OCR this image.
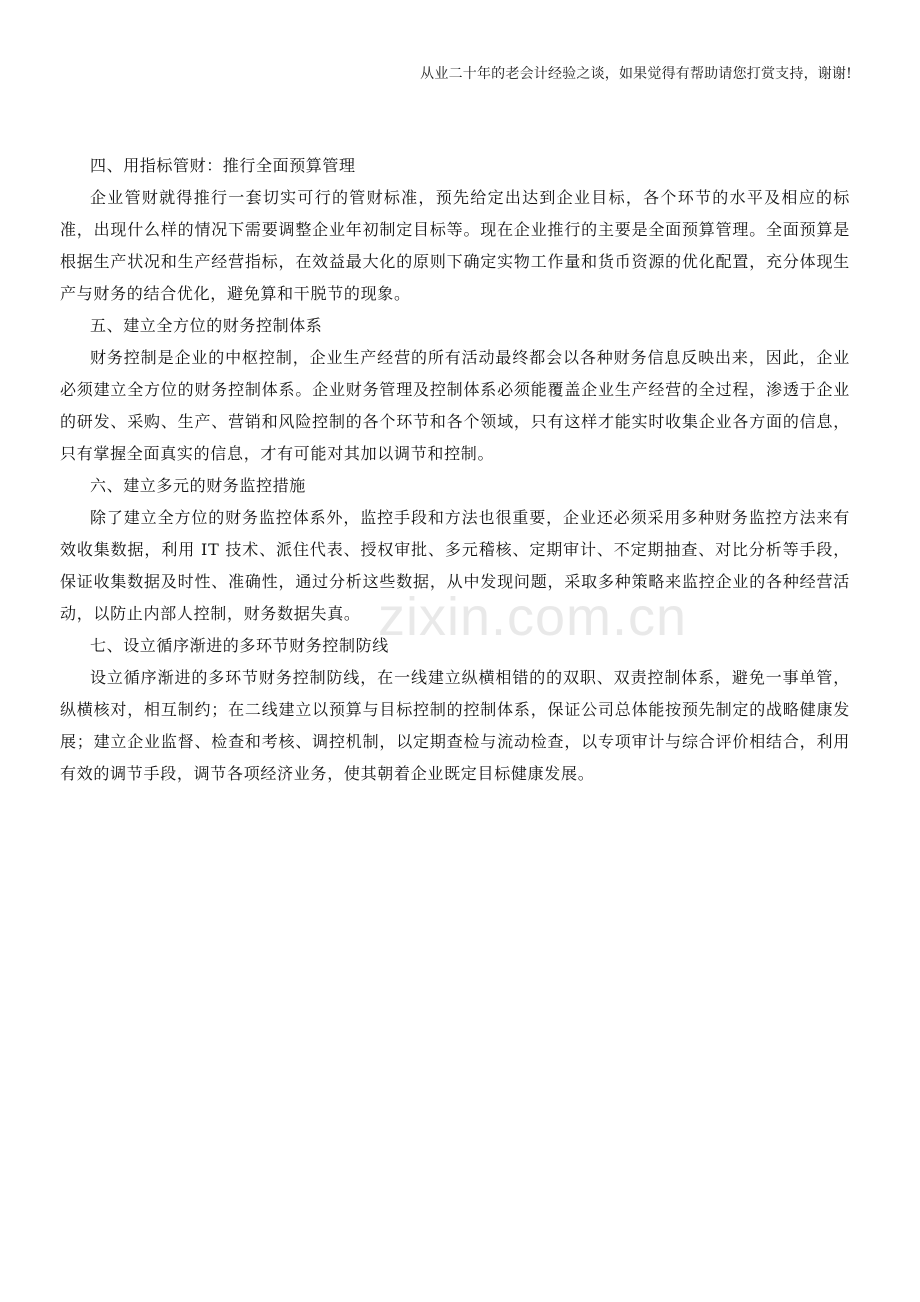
从业二十年的老会计经验之谈，如果觉得有帮助请您打赏支持，谢谢!
zixin.com.cn
四、用指标管财：推行全面预算管理

企业管财就得推行一套切实可行的管财标准，预先给定出达到企业目标，各个环节的水平及相应的标准，出现什么样的情况下需要调整企业年初制定目标等。现在企业推行的主要是全面预算管理。全面预算是根据生产状况和生产经营指标，在效益最大化的原则下确定实物工作量和货币资源的优化配置，充分体现生产与财务的结合优化，避免算和干脱节的现象。

五、建立全方位的财务控制体系

财务控制是企业的中枢控制，企业生产经营的所有活动最终都会以各种财务信息反映出来，因此，企业必须建立全方位的财务控制体系。企业财务管理及控制体系必须能覆盖企业生产经营的全过程，渗透于企业的研发、采购、生产、营销和风险控制的各个环节和各个领域，只有这样才能实时收集企业各方面的信息，只有掌握全面真实的信息，才有可能对其加以调节和控制。

六、建立多元的财务监控措施

除了建立全方位的财务监控体系外，监控手段和方法也很重要，企业还必须采用多种财务监控方法来有效收集数据，利用 IT 技术、派住代表、授权审批、多元稽核、定期审计、不定期抽查、对比分析等手段，保证收集数据及时性、准确性，通过分析这些数据，从中发现问题，采取多种策略来监控企业的各种经营活动，以防止内部人控制，财务数据失真。

七、设立循序渐进的多环节财务控制防线

设立循序渐进的多环节财务控制防线，在一线建立纵横相错的的双职、双责控制体系，避免一事单管，纵横核对，相互制约；在二线建立以预算与目标控制的控制体系，保证公司总体能按预先制定的战略健康发展；建立企业监督、检查和考核、调控机制，以定期查检与流动检查，以专项审计与综合评价相结合，利用有效的调节手段，调节各项经济业务，使其朝着企业既定目标健康发展。
